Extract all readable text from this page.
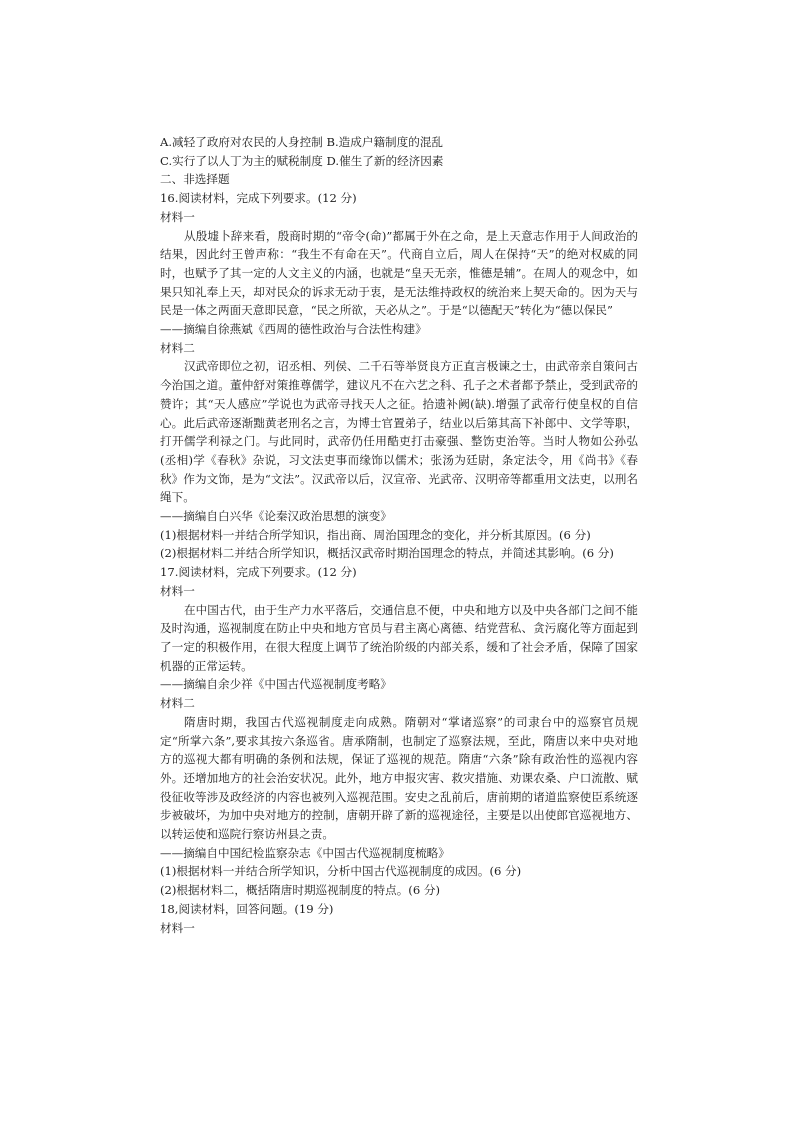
A.减轻了政府对农民的人身控制 B.造成户籍制度的混乱
C.实行了以人丁为主的赋税制度 D.催生了新的经济因素
二、非选择题
16.阅读材料，完成下列要求。(12 分)
材料一
从殷墟卜辞来看，殷商时期的“帝令(命)”都属于外在之命，是上天意志作用于人间政治的结果，因此纣王曾声称：“我生不有命在天”。代商自立后，周人在保持“天”的绝对权威的同时，也赋予了其一定的人文主义的内涵，也就是“皇天无亲，惟德是辅”。在周人的观念中，如果只知礼奉上天，却对民众的诉求无动于衷，是无法维持政权的统治来上契天命的。因为天与民是一体之两面天意即民意，“民之所欲，天必从之”。于是“以德配天”转化为“德以保民”
——摘编自徐燕斌《西周的德性政治与合法性构建》
材料二
汉武帝即位之初，诏丞相、列侯、二千石等举贤良方正直言极谏之士，由武帝亲自策问古今治国之道。董仲舒对策推尊儒学，建议凡不在六艺之科、孔子之术者都予禁止，受到武帝的赞许；其“天人感应”学说也为武帝寻找天人之征。拾遗补阙(缺).增强了武帝行使皇权的自信心。此后武帝逐渐黜黄老刑名之言，为博士官置弟子，结业以后第其高下补郎中、文学等职，打开儒学利禄之门。与此同时，武帝仍任用酷吏打击豪强、整饬吏治等。当时人物如公孙弘(丞相)学《春秋》杂说，习文法吏事而缘饰以儒术；张汤为廷尉，条定法令，用《尚书》《春秋》作为文饰，是为“文法”。汉武帝以后，汉宣帝、光武帝、汉明帝等都重用文法吏，以刑名绳下。
——摘编自白兴华《论秦汉政治思想的演变》
(1)根据材料一并结合所学知识，指出商、周治国理念的变化，并分析其原因。(6 分)
(2)根据材料二并结合所学知识，概括汉武帝时期治国理念的特点，并简述其影响。(6 分)
17.阅读材料，完成下列要求。(12 分)
材料一
在中国古代，由于生产力水平落后，交通信息不便，中央和地方以及中央各部门之间不能及时沟通，巡视制度在防止中央和地方官员与君主离心离德、结党营私、贪污腐化等方面起到了一定的积极作用，在很大程度上调节了统治阶级的内部关系，缓和了社会矛盾，保障了国家机器的正常运转。
——摘编自余少祥《中国古代巡视制度考略》
材料二
隋唐时期，我国古代巡视制度走向成熟。隋朝对“掌诸巡察”的司隶台中的巡察官员规定“所掌六条”,要求其按六条巡省。唐承隋制，也制定了巡察法规，至此，隋唐以来中央对地方的巡视大都有明确的条例和法规，保证了巡视的规范。隋唐“六条”除有政治性的巡视内容外。还增加地方的社会治安状况。此外，地方申报灾害、救灾措施、劝课农桑、户口流散、赋役征收等涉及政经济的内容也被列入巡视范围。安史之乱前后，唐前期的诸道监察使臣系统逐步被破坏，为加中央对地方的控制，唐朝开辟了新的巡视途径，主要是以出使郎官巡视地方、以转运使和巡院行察访州县之责。
——摘编自中国纪检监察杂志《中国古代巡视制度梳略》
(1)根据材料一并结合所学知识，分析中国古代巡视制度的成因。(6 分)
(2)根据材料二，概括隋唐时期巡视制度的特点。(6 分)
18,阅读材料，回答问题。(19 分)
材料一
